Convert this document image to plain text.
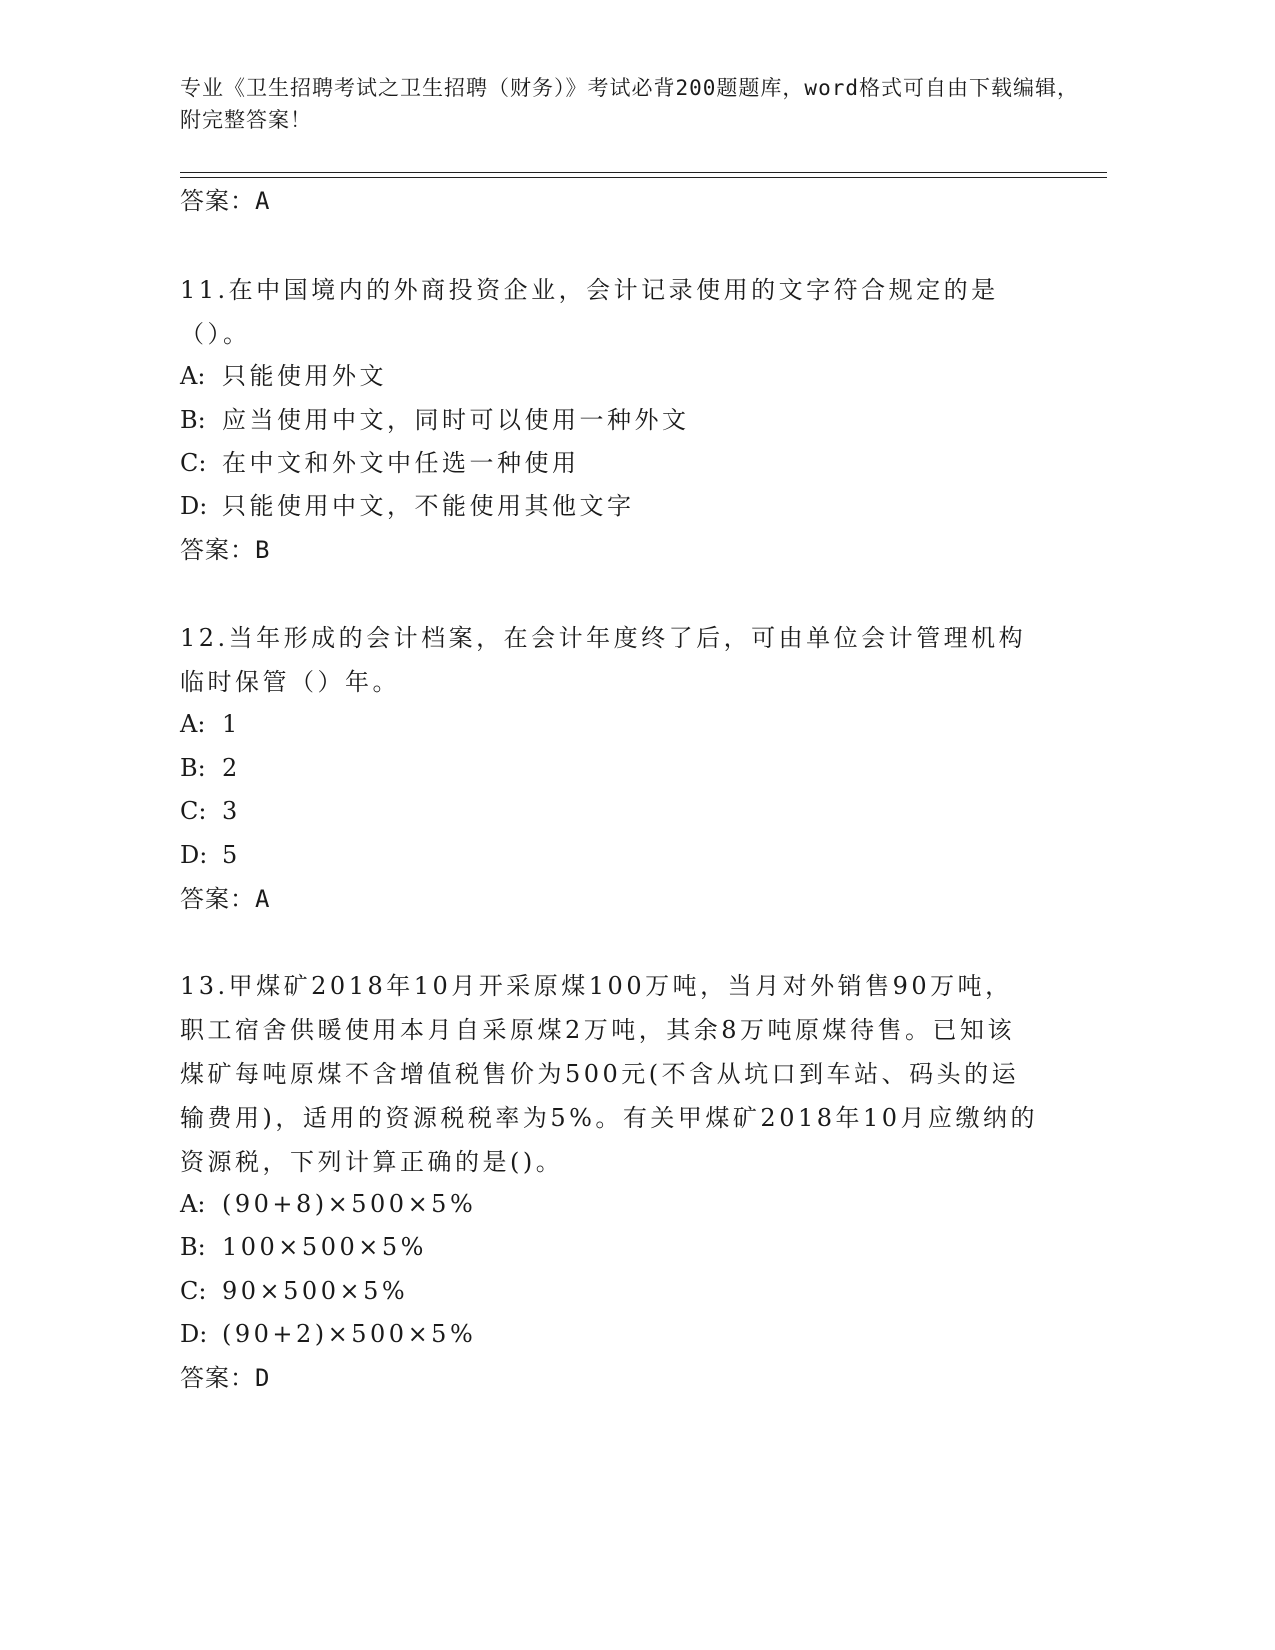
专业《卫生招聘考试之卫生招聘（财务）》考试必背200题题库，word格式可自由下载编辑，附完整答案！
答案：A
11.在中国境内的外商投资企业，会计记录使用的文字符合规定的是（）。
A: 只能使用外文
B: 应当使用中文，同时可以使用一种外文
C: 在中文和外文中任选一种使用
D: 只能使用中文，不能使用其他文字
答案：B
12.当年形成的会计档案，在会计年度终了后，可由单位会计管理机构临时保管（）年。
A: 1
B: 2
C: 3
D: 5
答案：A
13.甲煤矿2018年10月开采原煤100万吨，当月对外销售90万吨，职工宿舍供暖使用本月自采原煤2万吨，其余8万吨原煤待售。已知该煤矿每吨原煤不含增值税售价为500元(不含从坑口到车站、码头的运输费用)，适用的资源税税率为5%。有关甲煤矿2018年10月应缴纳的资源税，下列计算正确的是()。
A: (90+8)×500×5%
B: 100×500×5%
C: 90×500×5%
D: (90+2)×500×5%
答案：D
